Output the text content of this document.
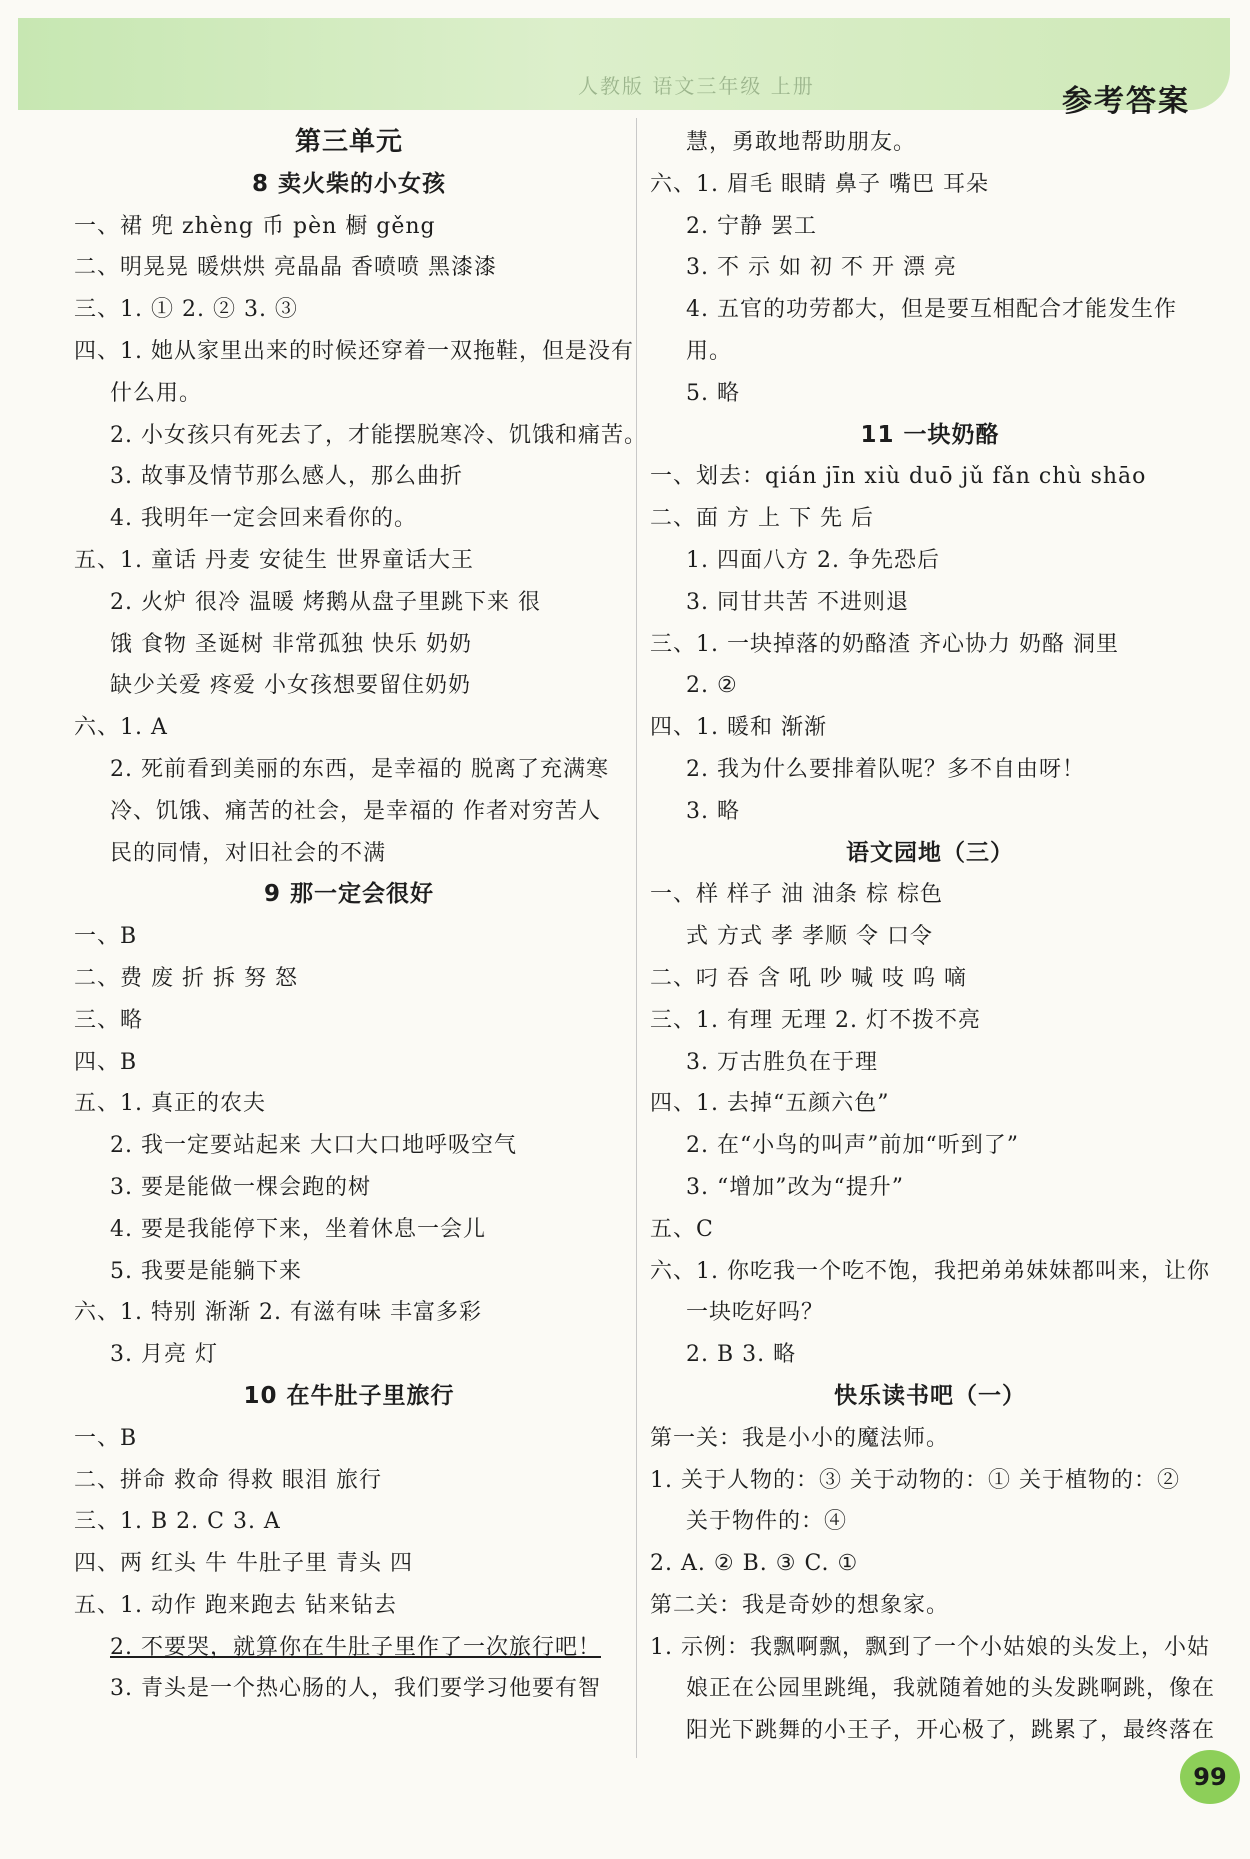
人教版 语文三年级 上册	参考答案
第三单元
8 卖火柴的小女孩
一、裙 兜 zhèng 币 pèn 橱 gěng
二、明晃晃 暖烘烘 亮晶晶 香喷喷 黑漆漆
三、1. ① 2. ② 3. ③
四、1. 她从家里出来的时候还穿着一双拖鞋，但是没有
什么用。
2. 小女孩只有死去了，才能摆脱寒冷、饥饿和痛苦。
3. 故事及情节那么感人，那么曲折
4. 我明年一定会回来看你的。
五、1. 童话 丹麦 安徒生 世界童话大王
2. 火炉 很冷 温暖 烤鹅从盘子里跳下来 很
饿 食物 圣诞树 非常孤独 快乐 奶奶
缺少关爱 疼爱 小女孩想要留住奶奶
六、1. A
2. 死前看到美丽的东西，是幸福的 脱离了充满寒
冷、饥饿、痛苦的社会，是幸福的 作者对穷苦人
民的同情，对旧社会的不满
9 那一定会很好
一、B
二、费 废 折 拆 努 怒
三、略
四、B
五、1. 真正的农夫
2. 我一定要站起来 大口大口地呼吸空气
3. 要是能做一棵会跑的树
4. 要是我能停下来，坐着休息一会儿
5. 我要是能躺下来
六、1. 特别 渐渐 2. 有滋有味 丰富多彩
3. 月亮 灯
10 在牛肚子里旅行
一、B
二、拼命 救命 得救 眼泪 旅行
三、1. B 2. C 3. A
四、两 红头 牛 牛肚子里 青头 四
五、1. 动作 跑来跑去 钻来钻去
2. 不要哭，就算你在牛肚子里作了一次旅行吧！
3. 青头是一个热心肠的人，我们要学习他要有智
慧，勇敢地帮助朋友。
六、1. 眉毛 眼睛 鼻子 嘴巴 耳朵
2. 宁静 罢工
3. 不 示 如 初 不 开 漂 亮
4. 五官的功劳都大，但是要互相配合才能发生作
用。
5. 略
11 一块奶酪
一、划去：qián jīn xiù duō jǔ fǎn chù shāo
二、面 方 上 下 先 后
1. 四面八方 2. 争先恐后
3. 同甘共苦 不进则退
三、1. 一块掉落的奶酪渣 齐心协力 奶酪 洞里
2. ②
四、1. 暖和 渐渐
2. 我为什么要排着队呢？多不自由呀！
3. 略
语文园地（三）
一、样 样子 油 油条 棕 棕色
式 方式 孝 孝顺 令 口令
二、叼 吞 含 吼 吵 喊 吱 呜 嘀
三、1. 有理 无理 2. 灯不拨不亮
3. 万古胜负在于理
四、1. 去掉“五颜六色”
2. 在“小鸟的叫声”前加“听到了”
3. “增加”改为“提升”
五、C
六、1. 你吃我一个吃不饱，我把弟弟妹妹都叫来，让你
一块吃好吗？
2. B 3. 略
快乐读书吧（一）
第一关：我是小小的魔法师。
1. 关于人物的：③ 关于动物的：① 关于植物的：②
关于物件的：④
2. A. ② B. ③ C. ①
第二关：我是奇妙的想象家。
1. 示例：我飘啊飘，飘到了一个小姑娘的头发上，小姑
娘正在公园里跳绳，我就随着她的头发跳啊跳，像在
阳光下跳舞的小王子，开心极了，跳累了，最终落在
99
